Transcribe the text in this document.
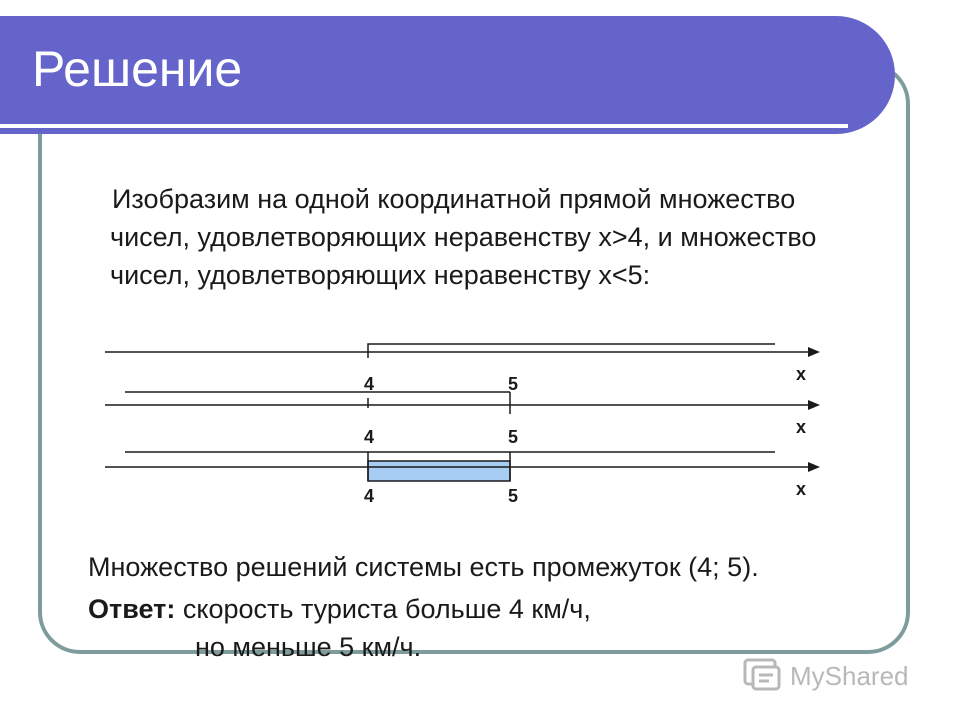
Решение

Изобразим на одной координатной прямой множество чисел, удовлетворяющих неравенству x>4, и множество чисел, удовлетворяющих неравенству x<5:

4	5	x
4	5	x
4	5	x

Множество решений системы есть промежуток (4; 5).

Ответ: скорость туриста больше 4 км/ч,

но меньше 5 км/ч.

MyShared
